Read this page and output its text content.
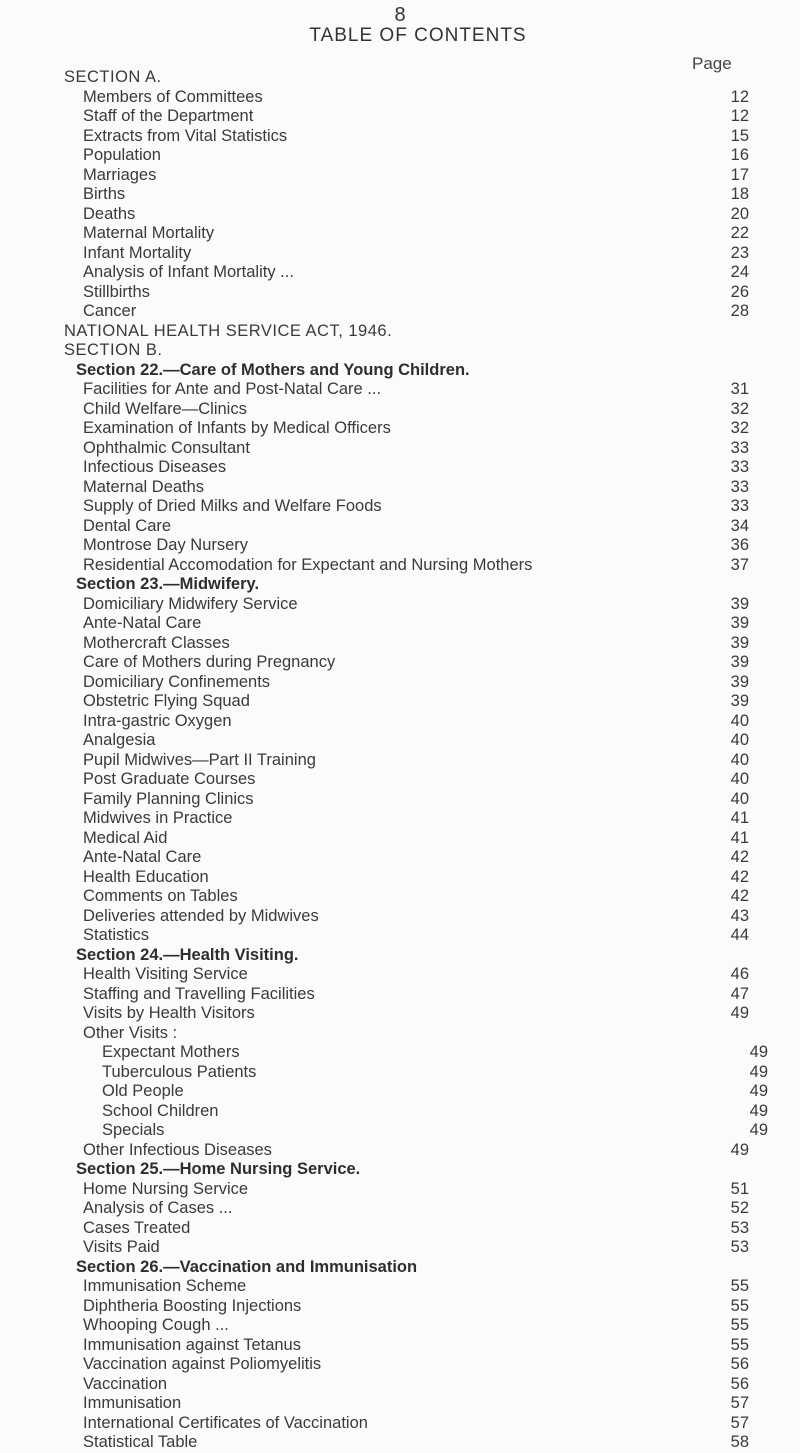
8
TABLE OF CONTENTS
Page
SECTION A.
Members of Committees	12
Staff of the Department	12
Extracts from Vital Statistics	15
Population	16
Marriages	17
Births	18
Deaths	20
Maternal Mortality	22
Infant Mortality	23
Analysis of Infant Mortality ...	24
Stillbirths	26
Cancer	28
NATIONAL HEALTH SERVICE ACT, 1946.
SECTION B.
Section 22.—Care of Mothers and Young Children.
Facilities for Ante and Post-Natal Care ...	31
Child Welfare—Clinics	32
Examination of Infants by Medical Officers	32
Ophthalmic Consultant	33
Infectious Diseases	33
Maternal Deaths	33
Supply of Dried Milks and Welfare Foods	33
Dental Care	34
Montrose Day Nursery	36
Residential Accomodation for Expectant and Nursing Mothers	37
Section 23.—Midwifery.
Domiciliary Midwifery Service	39
Ante-Natal Care	39
Mothercraft Classes	39
Care of Mothers during Pregnancy	39
Domiciliary Confinements	39
Obstetric Flying Squad	39
Intra-gastric Oxygen	40
Analgesia	40
Pupil Midwives—Part II Training	40
Post Graduate Courses	40
Family Planning Clinics	40
Midwives in Practice	41
Medical Aid	41
Ante-Natal Care	42
Health Education	42
Comments on Tables	42
Deliveries attended by Midwives	43
Statistics	44
Section 24.—Health Visiting.
Health Visiting Service	46
Staffing and Travelling Facilities	47
Visits by Health Visitors	49
Other Visits :
Expectant Mothers	49
Tuberculous Patients	49
Old People	49
School Children	49
Specials	49
Other Infectious Diseases	49
Section 25.—Home Nursing Service.
Home Nursing Service	51
Analysis of Cases ...	52
Cases Treated	53
Visits Paid	53
Section 26.—Vaccination and Immunisation
Immunisation Scheme	55
Diphtheria Boosting Injections	55
Whooping Cough ...	55
Immunisation against Tetanus	55
Vaccination against Poliomyelitis	56
Vaccination	56
Immunisation	57
International Certificates of Vaccination	57
Statistical Table	58
